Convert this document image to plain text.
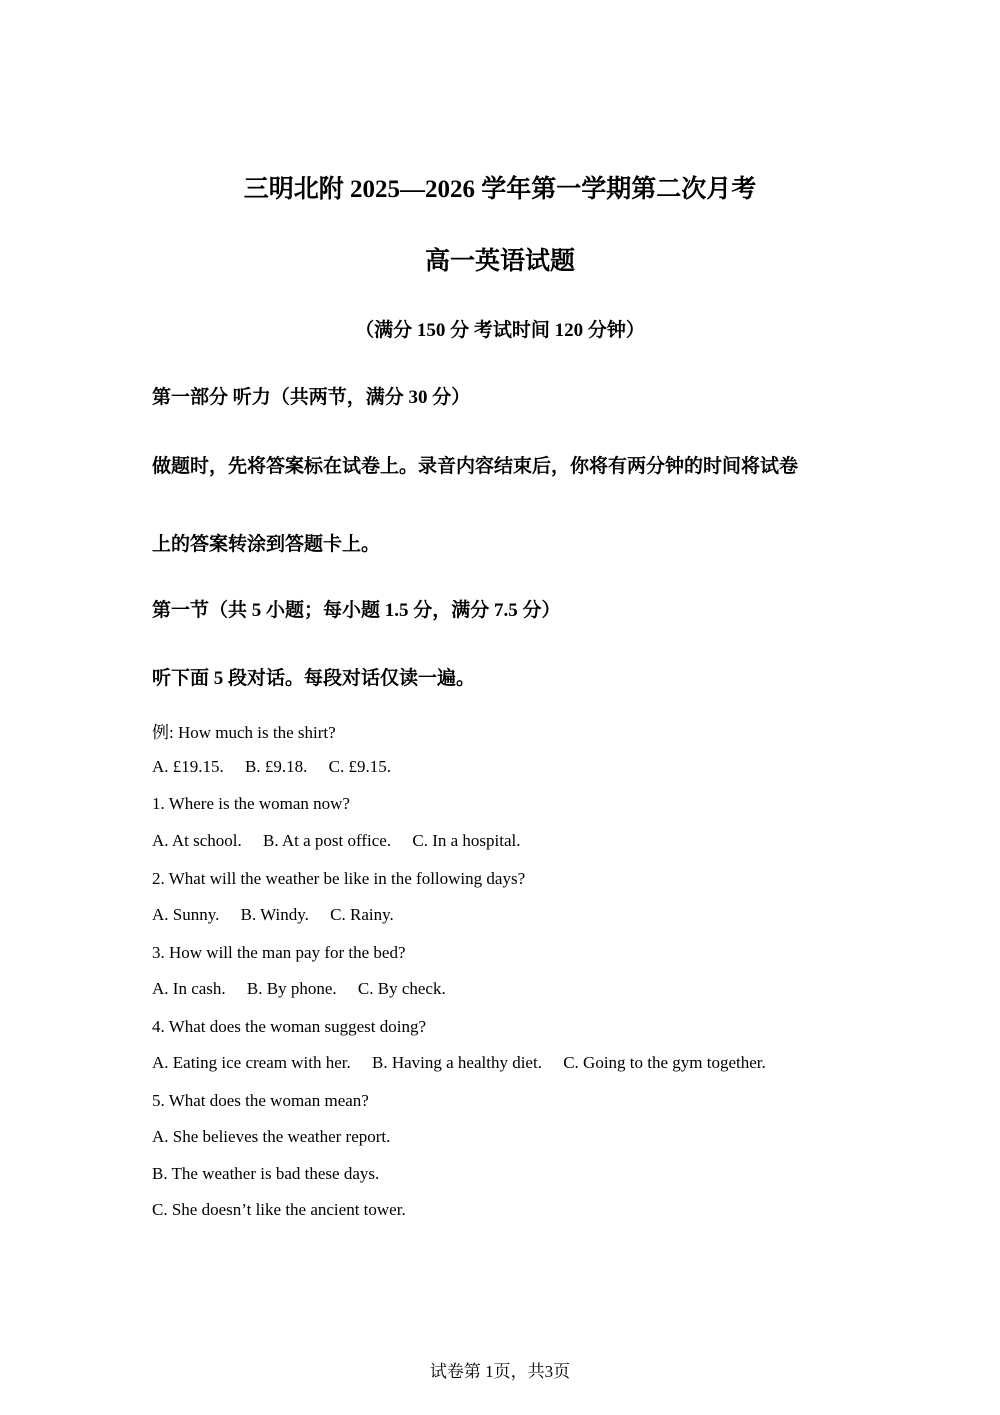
三明北附 2025—2026 学年第一学期第二次月考
高一英语试题
（满分 150 分 考试时间 120 分钟）
第一部分 听力（共两节，满分 30 分）
做题时，先将答案标在试卷上。录音内容结束后，你将有两分钟的时间将试卷
上的答案转涂到答题卡上。
第一节（共 5 小题；每小题 1.5 分，满分 7.5 分）
听下面 5 段对话。每段对话仅读一遍。
例: How much is the shirt?
A. £19.15. B. £9.18. C. £9.15.
1. Where is the woman now?
A. At school. B. At a post office. C. In a hospital.
2. What will the weather be like in the following days?
A. Sunny. B. Windy. C. Rainy.
3. How will the man pay for the bed?
A. In cash. B. By phone. C. By check.
4. What does the woman suggest doing?
A. Eating ice cream with her. B. Having a healthy diet. C. Going to the gym together.
5. What does the woman mean?
A. She believes the weather report.
B. The weather is bad these days.
C. She doesn’t like the ancient tower.
试卷第 1页，共3页
